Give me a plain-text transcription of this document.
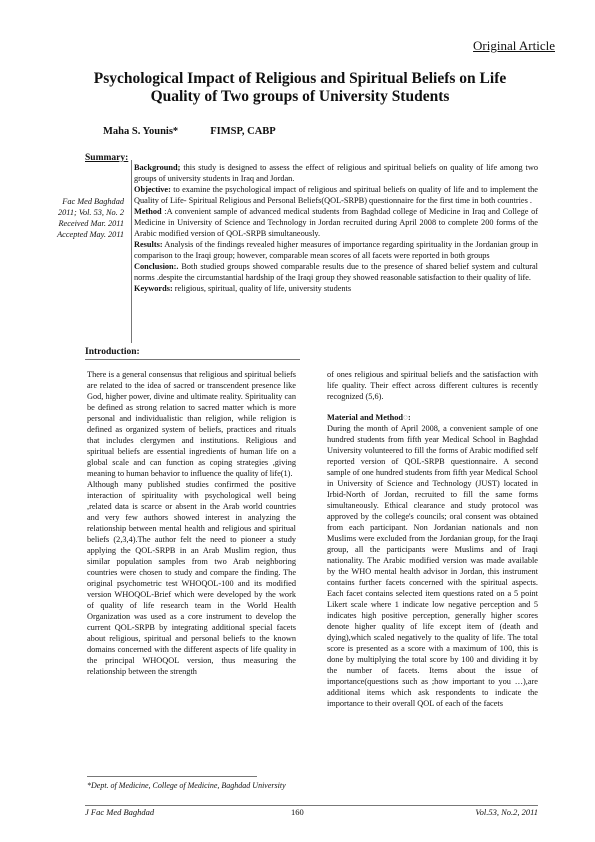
Original Article
Psychological Impact of Religious and Spiritual Beliefs on Life Quality of Two groups of University Students
Maha S. Younis*	FIMSP, CABP
Summary:
Fac Med Baghdad
2011; Vol. 53, No. 2
Received Mar. 2011
Accepted May. 2011

Background; this study is designed to assess the effect of religious and spiritual beliefs on quality of life among two groups of university students in Iraq and Jordan.

Objective: to examine the psychological impact of religious and spiritual beliefs on quality of life and to implement the Quality of Life- Spiritual Religious and Personal Beliefs(QOL-SRPB) questionnaire for the first time in both countries .

Method :A convenient sample of advanced medical students from Baghdad college of Medicine in Iraq and College of Medicine in University of Science and Technology in Jordan recruited during April 2008 to complete 200 forms of the Arabic modified version of QOL-SRPB simultaneously.

Results: Analysis of the findings revealed higher measures of importance regarding spirituality in the Jordanian group in comparison to the Iraqi group; however, comparable mean scores of all facets were reported in both groups

Conclusion:. Both studied groups showed comparable results due to the presence of shared belief system and cultural norms .despite the circumstantial hardship of the Iraqi group they showed reasonable satisfaction to their quality of life.

Keywords: religious, spiritual, quality of life, university students

Introduction:

There is a general consensus that religious and spiritual beliefs are related to the idea of sacred or transcendent presence like God, higher power, divine and ultimate reality. Spirituality can be defined as strong relation to sacred matter which is more personal and individualistic than religion, while religion is defined as organized system of beliefs, practices and rituals that includes clergymen and institutions. Religious and spiritual beliefs are essential ingredients of human life on a global scale and can function as coping strategies ,giving meaning to human behavior to influence the quality of life(1).

Although many published studies confirmed the positive interaction of spirituality with psychological well being ,related data is scarce or absent in the Arab world countries and very few authors showed interest in analyzing the relationship between mental health and religious and spiritual beliefs (2,3,4).The author felt the need to pioneer a study applying the QOL-SRPB in an Arab Muslim region, thus similar population samples from two Arab neighboring countries were chosen to study and compare the finding. The original psychometric test WHOQOL-100 and its modified version WHOQOL-Brief which were developed by the work of quality of life research team in the World Health Organization was used as a core instrument to develop the current QOL-SRPB by integrating additional special facets about religious, spiritual and personal beliefs to the known domains concerned with the different aspects of life quality in the principal WHOQOL version, thus measuring the relationship between the strength

of ones religious and spiritual beliefs and the satisfaction with life quality. Their effect across different cultures is recently recognized (5,6).

Material and Method◌:

During the month of April 2008, a convenient sample of one hundred students from fifth year Medical School in Baghdad University volunteered to fill the forms of Arabic modified self reported version of QOL-SRPB questionnaire. A second sample of one hundred students from fifth year Medical School in University of Science and Technology (JUST) located in Irbid-North of Jordan, recruited to fill the same forms simultaneously. Ethical clearance and study protocol was approved by the college's councils; oral consent was obtained from each participant. Non Jordanian nationals and non Muslims were excluded from the Jordanian group, for the Iraqi group, all the participants were Muslims and of Iraqi nationality. The Arabic modified version was made available by the WHO mental health advisor in Jordan, this instrument contains further facets concerned with the spiritual aspects. Each facet contains selected item questions rated on a 5 point Likert scale where 1 indicate low negative perception and 5 indicates high positive perception, generally higher scores denote higher quality of life except item of (death and dying),which scaled negatively to the quality of life. The total score is presented as a score with a maximum of 100, this is done by multiplying the total score by 100 and dividing it by the number of facets. Items about the issue of importance(questions such as ;how important to you …),are additional items which ask respondents to indicate the importance to their overall QOL of each of the facets

*Dept. of Medicine, College of Medicine, Baghdad University
J Fac Med Baghdad	160	Vol.53, No.2, 2011
